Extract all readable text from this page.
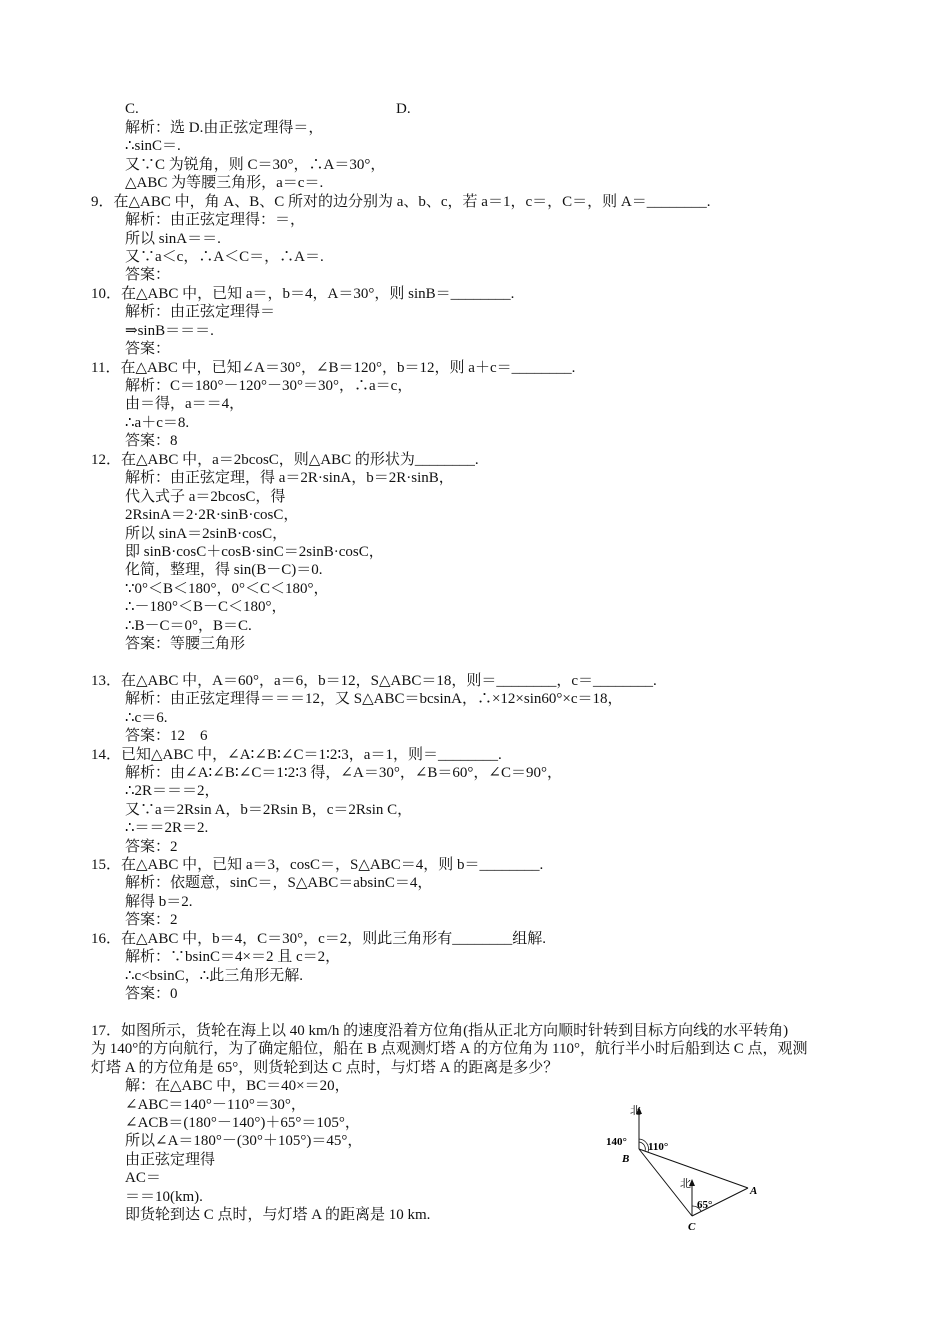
C.	D.
解析：选 D.由正弦定理得＝，
∴sinC＝.
又∵C 为锐角，则 C＝30°，∴A＝30°，
△ABC 为等腰三角形，a＝c＝.
9．在△ABC 中，角 A、B、C 所对的边分别为 a、b、c，若 a＝1，c＝，C＝，则 A＝________.
解析：由正弦定理得：＝，
所以 sinA＝＝.
又∵a＜c，∴A＜C＝，∴A＝.
答案：
10．在△ABC 中，已知 a＝，b＝4，A＝30°，则 sinB＝________.
解析：由正弦定理得＝
⇒sinB＝＝＝.
答案：
11．在△ABC 中，已知∠A＝30°，∠B＝120°，b＝12，则 a＋c＝________.
解析：C＝180°－120°－30°＝30°，∴a＝c，
由＝得，a＝＝4，
∴a＋c＝8.
答案：8
12．在△ABC 中，a＝2bcosC，则△ABC 的形状为________.
解析：由正弦定理，得 a＝2R·sinA，b＝2R·sinB，
代入式子 a＝2bcosC，得
2RsinA＝2·2R·sinB·cosC，
所以 sinA＝2sinB·cosC，
即 sinB·cosC＋cosB·sinC＝2sinB·cosC，
化简，整理，得 sin(B－C)＝0.
∵0°＜B＜180°，0°＜C＜180°，
∴－180°＜B－C＜180°，
∴B－C＝0°，B＝C.
答案：等腰三角形
13．在△ABC 中，A＝60°，a＝6，b＝12，S△ABC＝18，则＝________，c＝________.
解析：由正弦定理得＝＝＝12，又 S△ABC＝bcsinA，∴×12×sin60°×c＝18，
∴c＝6.
答案：12　6
14．已知△ABC 中，∠A∶∠B∶∠C＝1∶2∶3，a＝1，则＝________.
解析：由∠A∶∠B∶∠C＝1∶2∶3 得，∠A＝30°，∠B＝60°，∠C＝90°，
∴2R＝＝＝2，
又∵a＝2Rsin A，b＝2Rsin B，c＝2Rsin C，
∴＝＝2R＝2.
答案：2
15．在△ABC 中，已知 a＝3，cosC＝，S△ABC＝4，则 b＝________.
解析：依题意，sinC＝，S△ABC＝absinC＝4，
解得 b＝2.
答案：2
16．在△ABC 中，b＝4，C＝30°，c＝2，则此三角形有________组解.
解析：∵bsinC＝4×＝2 且 c＝2，
∴c<bsinC，∴此三角形无解.
答案：0
17．如图所示，货轮在海上以 40 km/h 的速度沿着方位角(指从正北方向顺时针转到目标方向线的水平转角)
为 140°的方向航行，为了确定船位，船在 B 点观测灯塔 A 的方位角为 110°，航行半小时后船到达 C 点，观测
灯塔 A 的方位角是 65°，则货轮到达 C 点时，与灯塔 A 的距离是多少？
解：在△ABC 中，BC＝40×＝20，
∠ABC＝140°－110°＝30°，
∠ACB＝(180°－140°)＋65°＝105°，
所以∠A＝180°－(30°＋105°)＝45°，
由正弦定理得
AC＝
＝＝10(km).
即货轮到达 C 点时，与灯塔 A 的距离是 10 km.
北
140° 110°
B
北
65°
A
C
